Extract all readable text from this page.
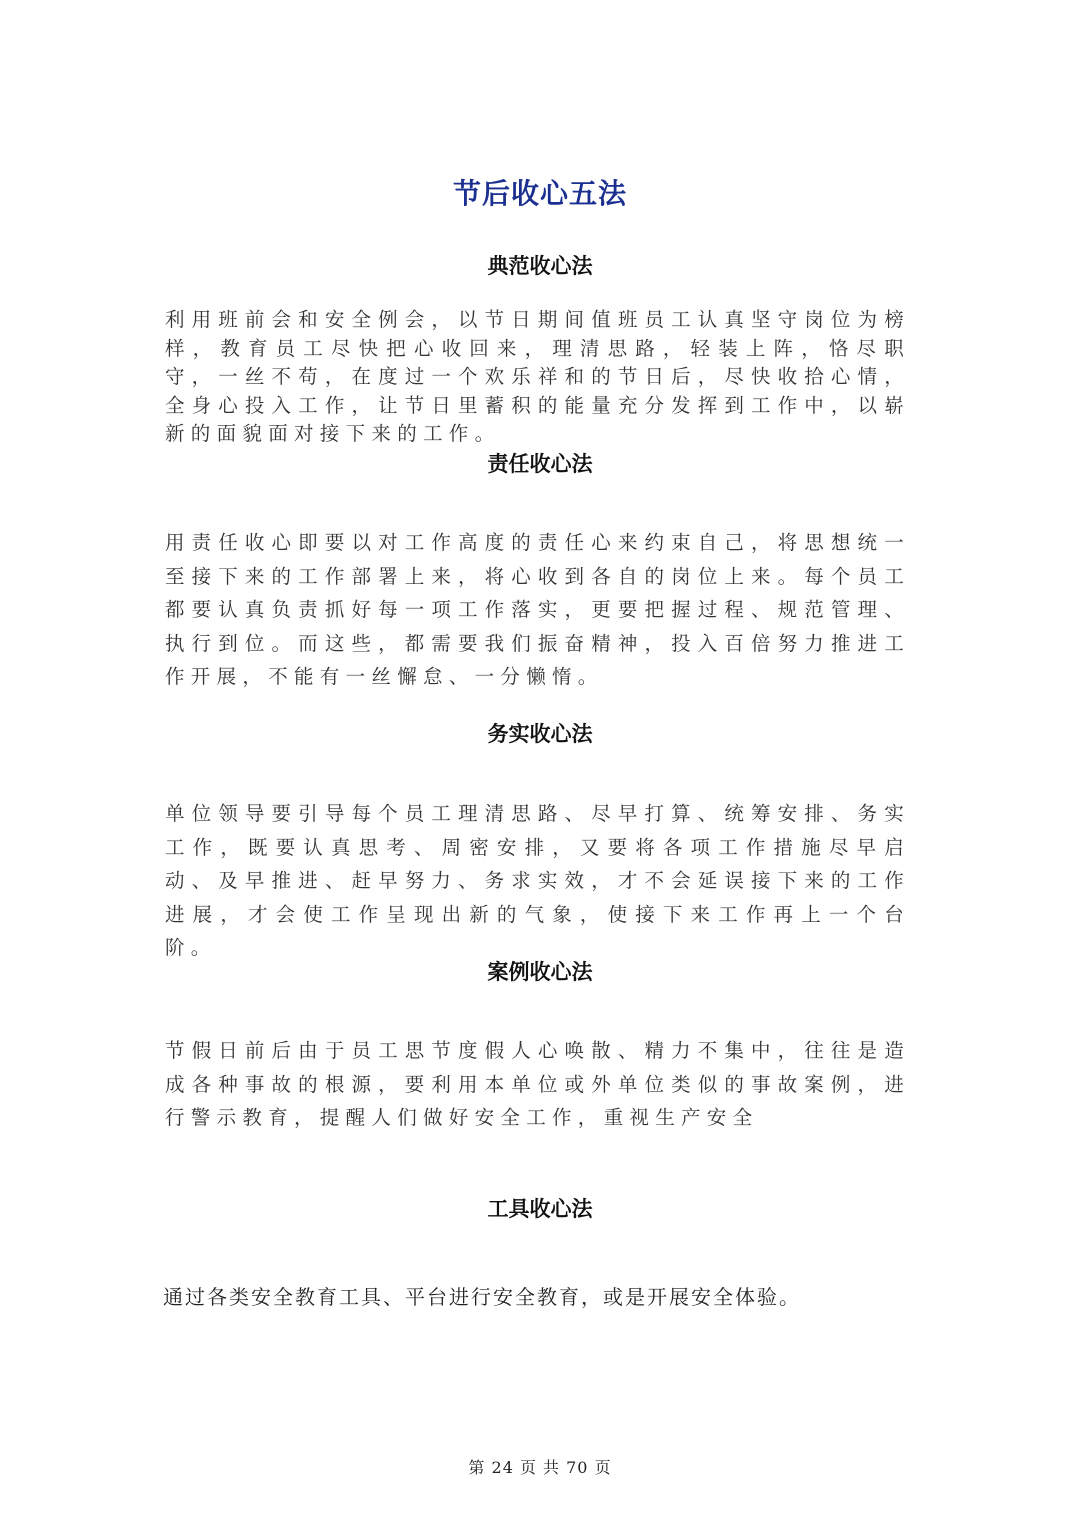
节后收心五法
典范收心法
利用班前会和安全例会，以节日期间值班员工认真坚守岗位为榜样，教育员工尽快把心收回来，理清思路，轻装上阵，恪尽职守，一丝不苟，在度过一个欢乐祥和的节日后，尽快收拾心情，全身心投入工作，让节日里蓄积的能量充分发挥到工作中，以崭新的面貌面对接下来的工作。
责任收心法
用责任收心即要以对工作高度的责任心来约束自己，将思想统一至接下来的工作部署上来，将心收到各自的岗位上来。每个员工都要认真负责抓好每一项工作落实，更要把握过程、规范管理、执行到位。而这些，都需要我们振奋精神，投入百倍努力推进工作开展，不能有一丝懈怠、一分懒惰。
务实收心法
单位领导要引导每个员工理清思路、尽早打算、统筹安排、务实工作，既要认真思考、周密安排，又要将各项工作措施尽早启动、及早推进、赶早努力、务求实效，才不会延误接下来的工作进展，才会使工作呈现出新的气象，使接下来工作再上一个台阶。
案例收心法
节假日前后由于员工思节度假人心唤散、精力不集中，往往是造成各种事故的根源，要利用本单位或外单位类似的事故案例，进行警示教育，提醒人们做好安全工作，重视生产安全
工具收心法
通过各类安全教育工具、平台进行安全教育，或是开展安全体验。
第 24 页 共 70 页
